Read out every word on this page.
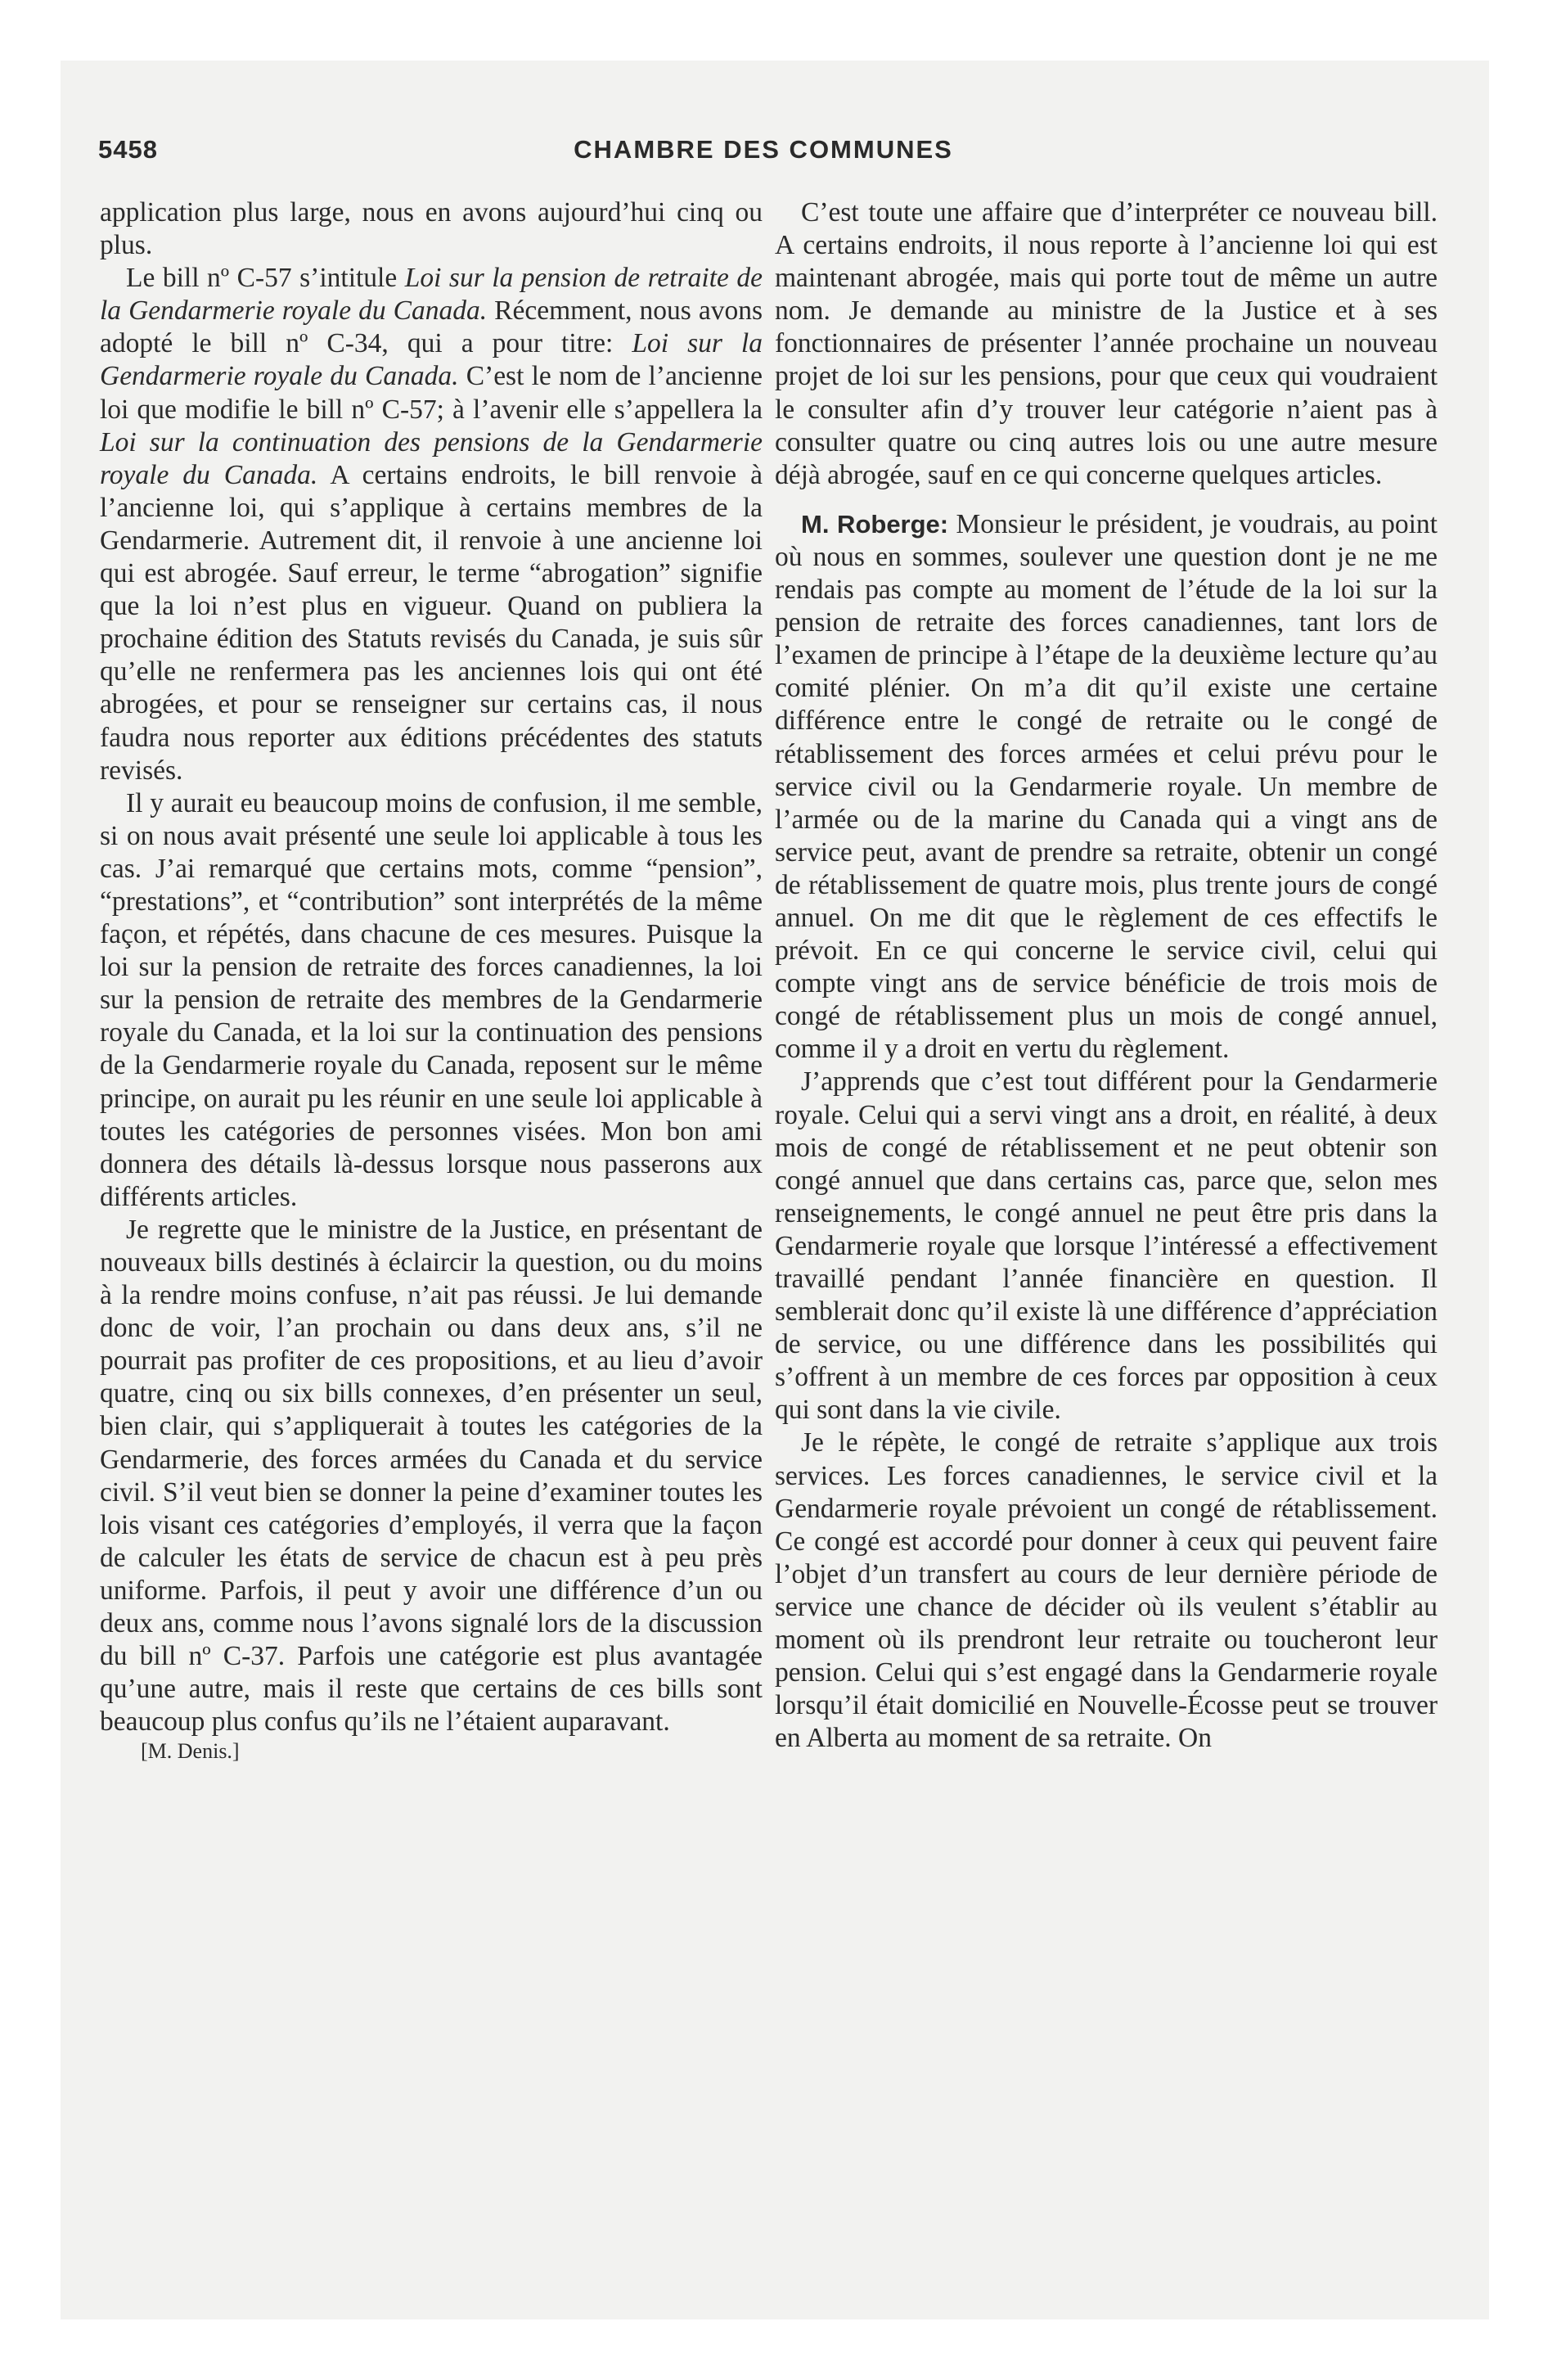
5458	CHAMBRE DES COMMUNES

application plus large, nous en avons aujourd’hui cinq ou plus.

Le bill nº C-57 s’intitule Loi sur la pension de retraite de la Gendarmerie royale du Canada. Récemment, nous avons adopté le bill nº C-34, qui a pour titre: Loi sur la Gendarmerie royale du Canada. C’est le nom de l’ancienne loi que modifie le bill nº C-57; à l’avenir elle s’appellera la Loi sur la continuation des pensions de la Gendarmerie royale du Canada. A certains endroits, le bill renvoie à l’ancienne loi, qui s’applique à certains membres de la Gendarmerie. Autrement dit, il renvoie à une ancienne loi qui est abrogée. Sauf erreur, le terme “abrogation” signifie que la loi n’est plus en vigueur. Quand on publiera la prochaine édition des Statuts revisés du Canada, je suis sûr qu’elle ne renfermera pas les anciennes lois qui ont été abrogées, et pour se renseigner sur certains cas, il nous faudra nous reporter aux éditions précédentes des statuts revisés.

Il y aurait eu beaucoup moins de confusion, il me semble, si on nous avait présenté une seule loi applicable à tous les cas. J’ai remarqué que certains mots, comme “pension”, “prestations”, et “contribution” sont interprétés de la même façon, et répétés, dans chacune de ces mesures. Puisque la loi sur la pension de retraite des forces canadiennes, la loi sur la pension de retraite des membres de la Gendarmerie royale du Canada, et la loi sur la continuation des pensions de la Gendarmerie royale du Canada, reposent sur le même principe, on aurait pu les réunir en une seule loi applicable à toutes les catégories de personnes visées. Mon bon ami donnera des détails là-dessus lorsque nous passerons aux différents articles.

Je regrette que le ministre de la Justice, en présentant de nouveaux bills destinés à éclaircir la question, ou du moins à la rendre moins confuse, n’ait pas réussi. Je lui demande donc de voir, l’an prochain ou dans deux ans, s’il ne pourrait pas profiter de ces propositions, et au lieu d’avoir quatre, cinq ou six bills connexes, d’en présenter un seul, bien clair, qui s’appliquerait à toutes les catégories de la Gendarmerie, des forces armées du Canada et du service civil. S’il veut bien se donner la peine d’examiner toutes les lois visant ces catégories d’employés, il verra que la façon de calculer les états de service de chacun est à peu près uniforme. Parfois, il peut y avoir une différence d’un ou deux ans, comme nous l’avons signalé lors de la discussion du bill nº C-37. Parfois une catégorie est plus avantagée qu’une autre, mais il reste que certains de ces bills sont beaucoup plus confus qu’ils ne l’étaient auparavant.

[M. Denis.]

C’est toute une affaire que d’interpréter ce nouveau bill. A certains endroits, il nous reporte à l’ancienne loi qui est maintenant abrogée, mais qui porte tout de même un autre nom. Je demande au ministre de la Justice et à ses fonctionnaires de présenter l’année prochaine un nouveau projet de loi sur les pensions, pour que ceux qui voudraient le consulter afin d’y trouver leur catégorie n’aient pas à consulter quatre ou cinq autres lois ou une autre mesure déjà abrogée, sauf en ce qui concerne quelques articles.

M. Roberge: Monsieur le président, je voudrais, au point où nous en sommes, soulever une question dont je ne me rendais pas compte au moment de l’étude de la loi sur la pension de retraite des forces canadiennes, tant lors de l’examen de principe à l’étape de la deuxième lecture qu’au comité plénier. On m’a dit qu’il existe une certaine différence entre le congé de retraite ou le congé de rétablissement des forces armées et celui prévu pour le service civil ou la Gendarmerie royale. Un membre de l’armée ou de la marine du Canada qui a vingt ans de service peut, avant de prendre sa retraite, obtenir un congé de rétablissement de quatre mois, plus trente jours de congé annuel. On me dit que le règlement de ces effectifs le prévoit. En ce qui concerne le service civil, celui qui compte vingt ans de service bénéficie de trois mois de congé de rétablissement plus un mois de congé annuel, comme il y a droit en vertu du règlement.

J’apprends que c’est tout différent pour la Gendarmerie royale. Celui qui a servi vingt ans a droit, en réalité, à deux mois de congé de rétablissement et ne peut obtenir son congé annuel que dans certains cas, parce que, selon mes renseignements, le congé annuel ne peut être pris dans la Gendarmerie royale que lorsque l’intéressé a effectivement travaillé pendant l’année financière en question. Il semblerait donc qu’il existe là une différence d’appréciation de service, ou une différence dans les possibilités qui s’offrent à un membre de ces forces par opposition à ceux qui sont dans la vie civile.

Je le répète, le congé de retraite s’applique aux trois services. Les forces canadiennes, le service civil et la Gendarmerie royale prévoient un congé de rétablissement. Ce congé est accordé pour donner à ceux qui peuvent faire l’objet d’un transfert au cours de leur dernière période de service une chance de décider où ils veulent s’établir au moment où ils prendront leur retraite ou toucheront leur pension. Celui qui s’est engagé dans la Gendarmerie royale lorsqu’il était domicilié en Nouvelle-Écosse peut se trouver en Alberta au moment de sa retraite. On
